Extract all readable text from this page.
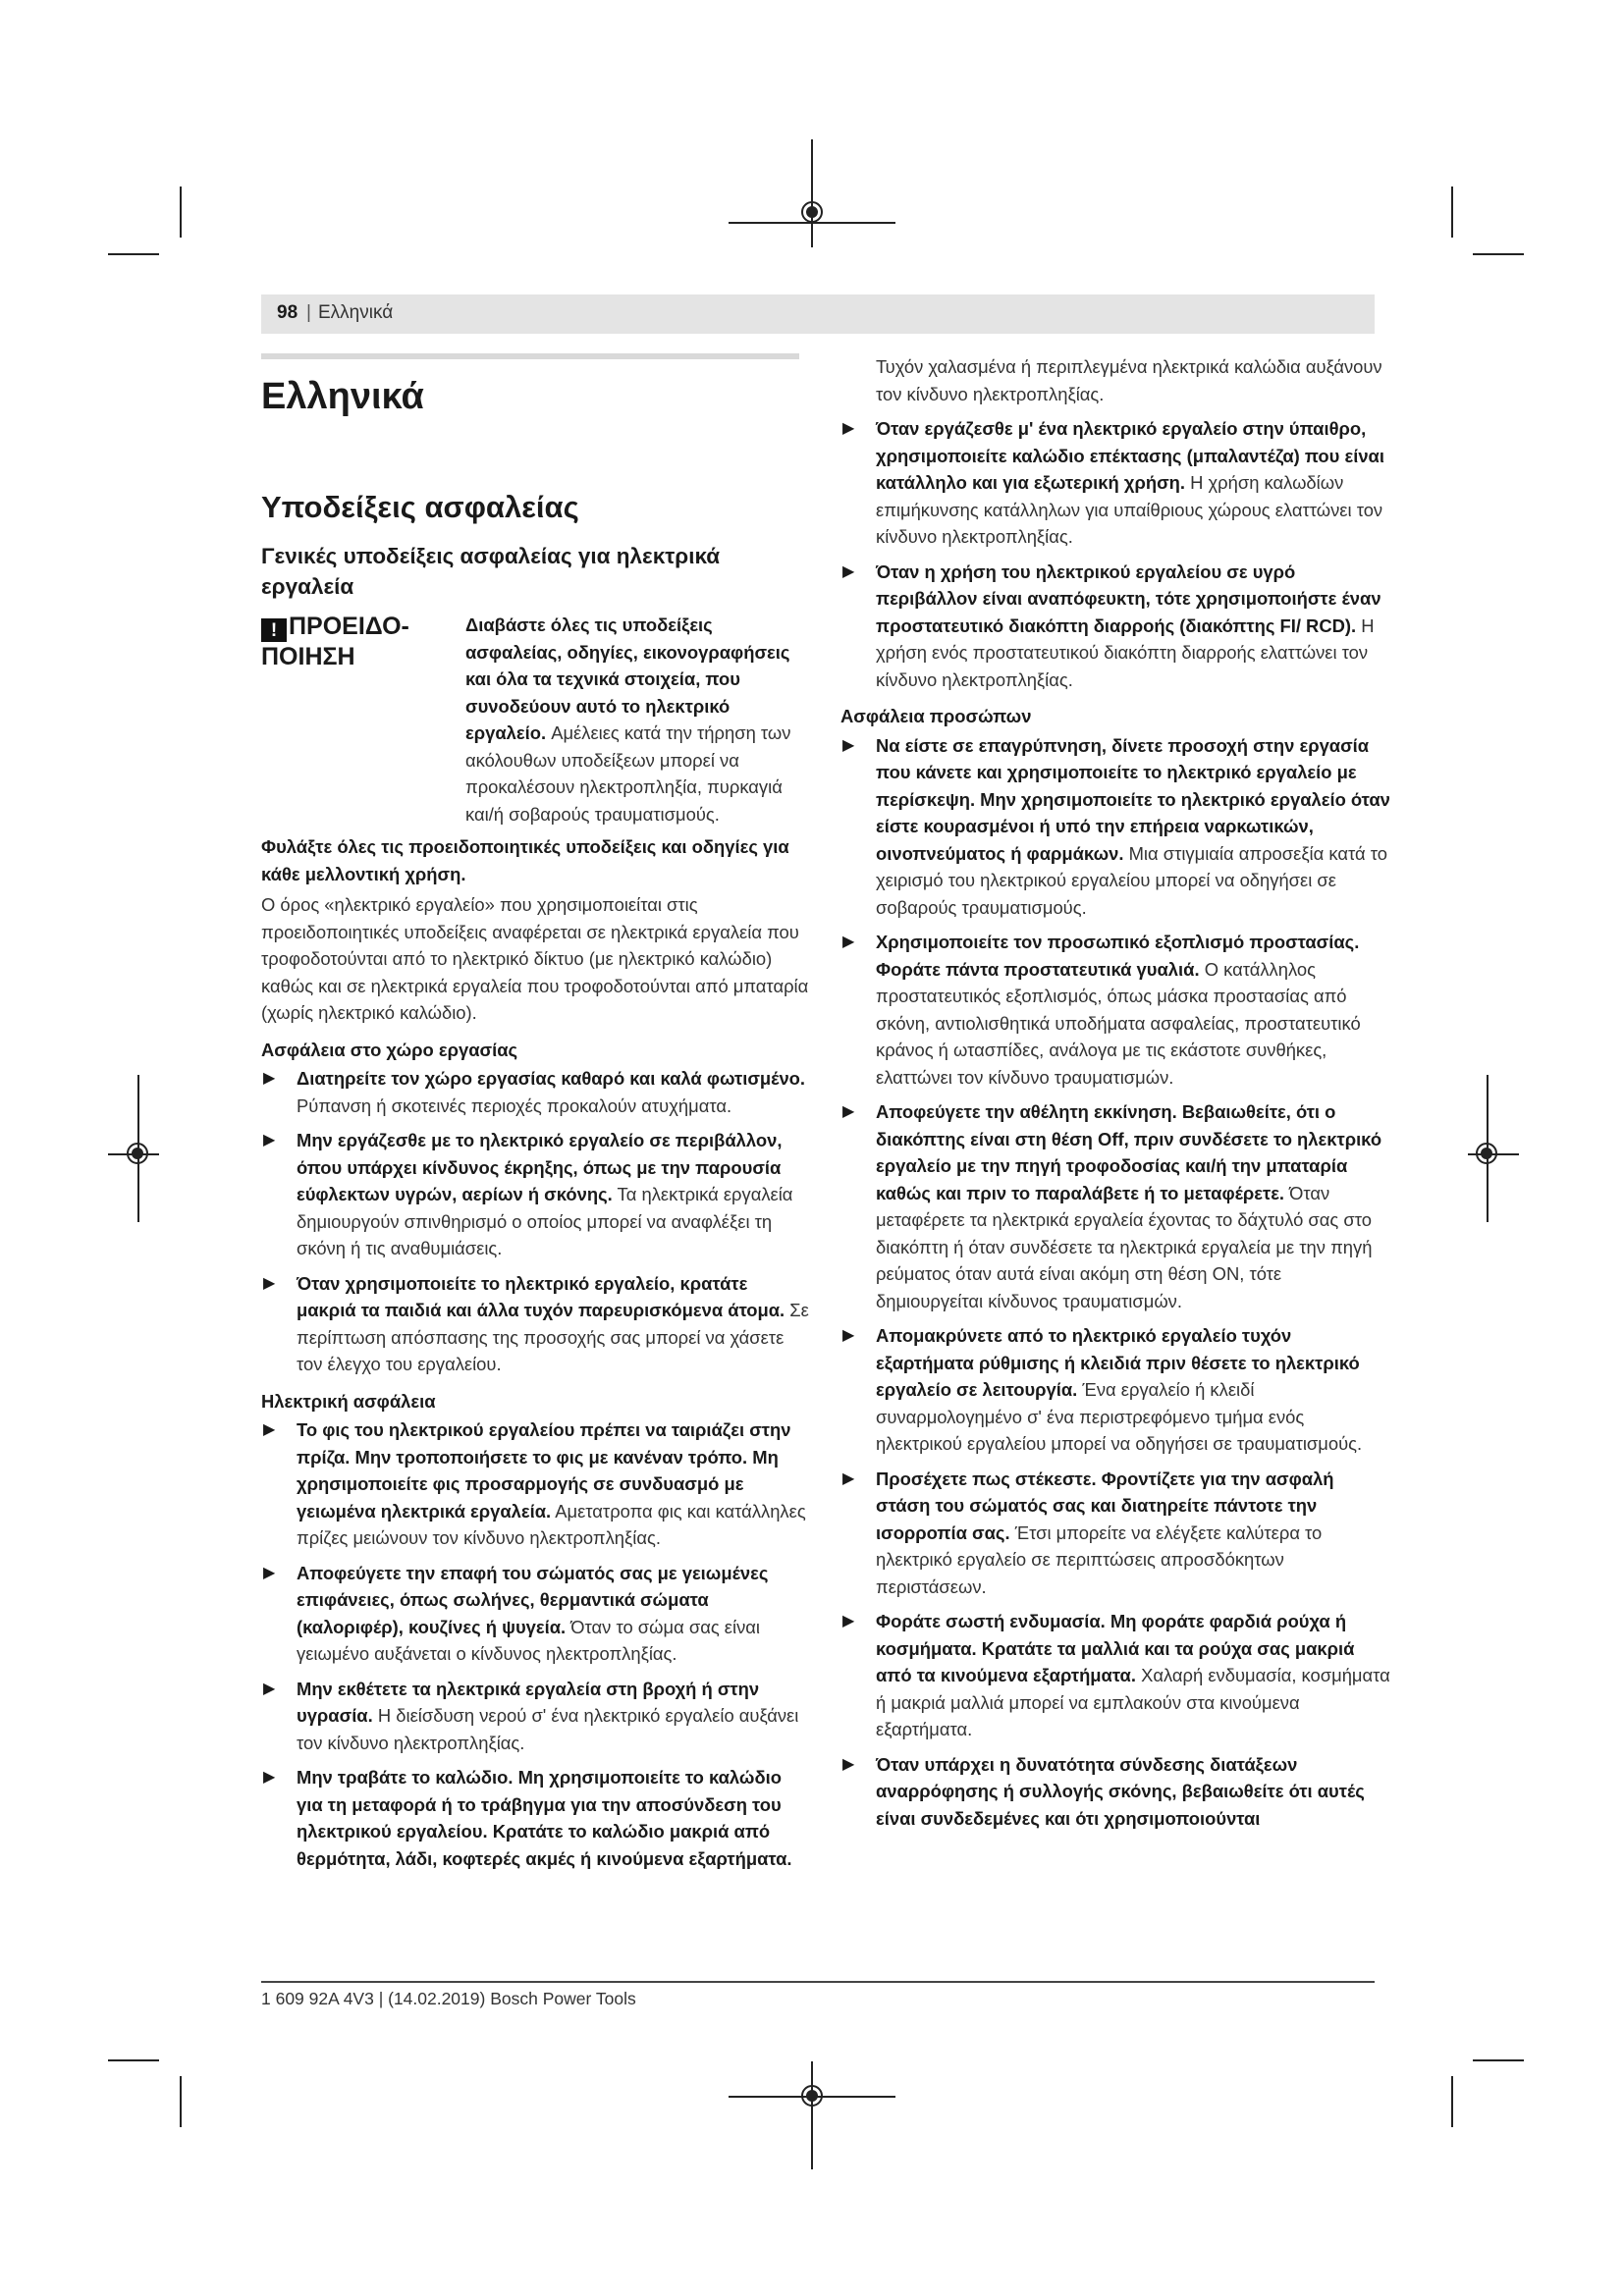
98 | Ελληνικά
Ελληνικά
Υποδείξεις ασφαλείας
Γενικές υποδείξεις ασφαλείας για ηλεκτρικά εργαλεία
! ΠΡΟΕΙΔΟ-
ΠΟΙΗΣΗ

Διαβάστε όλες τις υποδείξεις ασφαλείας, οδηγίες, εικονογραφήσεις και όλα τα τεχνικά στοιχεία, που συνοδεύουν αυτό το ηλεκτρικό εργαλείο. Αμέλειες κατά την τήρηση των ακόλουθων υποδείξεων μπορεί να προκαλέσουν ηλεκτροπληξία, πυρκαγιά και/ή σοβαρούς τραυματισμούς.

Φυλάξτε όλες τις προειδοποιητικές υποδείξεις και οδηγίες για κάθε μελλοντική χρήση.

Ο όρος «ηλεκτρικό εργαλείο» που χρησιμοποιείται στις προειδοποιητικές υποδείξεις αναφέρεται σε ηλεκτρικά εργαλεία που τροφοδοτούνται από το ηλεκτρικό δίκτυο (με ηλεκτρικό καλώδιο) καθώς και σε ηλεκτρικά εργαλεία που τροφοδοτούνται από μπαταρία (χωρίς ηλεκτρικό καλώδιο).

Ασφάλεια στο χώρο εργασίας
▶ Διατηρείτε τον χώρο εργασίας καθαρό και καλά φωτισμένο. Ρύπανση ή σκοτεινές περιοχές προκαλούν ατυχήματα.
▶ Μην εργάζεσθε με το ηλεκτρικό εργαλείο σε περιβάλλον, όπου υπάρχει κίνδυνος έκρηξης, όπως με την παρουσία εύφλεκτων υγρών, αερίων ή σκόνης. Τα ηλεκτρικά εργαλεία δημιουργούν σπινθηρισμό ο οποίος μπορεί να αναφλέξει τη σκόνη ή τις αναθυμιάσεις.
▶ Όταν χρησιμοποιείτε το ηλεκτρικό εργαλείο, κρατάτε μακριά τα παιδιά και άλλα τυχόν παρευρισκόμενα άτομα. Σε περίπτωση απόσπασης της προσοχής σας μπορεί να χάσετε τον έλεγχο του εργαλείου.
Ηλεκτρική ασφάλεια
▶ Το φις του ηλεκτρικού εργαλείου πρέπει να ταιριάζει στην πρίζα. Μην τροποποιήσετε το φις με κανέναν τρόπο. Μη χρησιμοποιείτε φις προσαρμογής σε συνδυασμό με γειωμένα ηλεκτρικά εργαλεία. Αμετατροπα φις και κατάλληλες πρίζες μειώνουν τον κίνδυνο ηλεκτροπληξίας.
▶ Αποφεύγετε την επαφή του σώματός σας με γειωμένες επιφάνειες, όπως σωλήνες, θερμαντικά σώματα (καλοριφέρ), κουζίνες ή ψυγεία. Όταν το σώμα σας είναι γειωμένο αυξάνεται ο κίνδυνος ηλεκτροπληξίας.
▶ Μην εκθέτετε τα ηλεκτρικά εργαλεία στη βροχή ή στην υγρασία. Η διείσδυση νερού σ' ένα ηλεκτρικό εργαλείο αυξάνει τον κίνδυνο ηλεκτροπληξίας.
▶ Μην τραβάτε το καλώδιο. Μη χρησιμοποιείτε το καλώδιο για τη μεταφορά ή το τράβηγμα για την αποσύνδεση του ηλεκτρικού εργαλείου. Κρατάτε το καλώδιο μακριά από θερμότητα, λάδι, κοφτερές ακμές ή κινούμενα εξαρτήματα.

Τυχόν χαλασμένα ή περιπλεγμένα ηλεκτρικά καλώδια αυξάνουν τον κίνδυνο ηλεκτροπληξίας.

▶ Όταν εργάζεσθε μ' ένα ηλεκτρικό εργαλείο στην ύπαιθρο, χρησιμοποιείτε καλώδιο επέκτασης (μπαλαντέζα) που είναι κατάλληλο και για εξωτερική χρήση. Η χρήση καλωδίων επιμήκυνσης κατάλληλων για υπαίθριους χώρους ελαττώνει τον κίνδυνο ηλεκτροπληξίας.
▶ Όταν η χρήση του ηλεκτρικού εργαλείου σε υγρό περιβάλλον είναι αναπόφευκτη, τότε χρησιμοποιήστε έναν προστατευτικό διακόπτη διαρροής (διακόπτης FI/ RCD). Η χρήση ενός προστατευτικού διακόπτη διαρροής ελαττώνει τον κίνδυνο ηλεκτροπληξίας.
Ασφάλεια προσώπων
▶ Να είστε σε επαγρύπνηση, δίνετε προσοχή στην εργασία που κάνετε και χρησιμοποιείτε το ηλεκτρικό εργαλείο με περίσκεψη. Μην χρησιμοποιείτε το ηλεκτρικό εργαλείο όταν είστε κουρασμένοι ή υπό την επήρεια ναρκωτικών, οινοπνεύματος ή φαρμάκων. Μια στιγμιαία απροσεξία κατά το χειρισμό του ηλεκτρικού εργαλείου μπορεί να οδηγήσει σε σοβαρούς τραυματισμούς.
▶ Χρησιμοποιείτε τον προσωπικό εξοπλισμό προστασίας. Φοράτε πάντα προστατευτικά γυαλιά. Ο κατάλληλος προστατευτικός εξοπλισμός, όπως μάσκα προστασίας από σκόνη, αντιολισθητικά υποδήματα ασφαλείας, προστατευτικό κράνος ή ωτασπίδες, ανάλογα με τις εκάστοτε συνθήκες, ελαττώνει τον κίνδυνο τραυματισμών.
▶ Αποφεύγετε την αθέλητη εκκίνηση. Βεβαιωθείτε, ότι ο διακόπτης είναι στη θέση Off, πριν συνδέσετε το ηλεκτρικό εργαλείο με την πηγή τροφοδοσίας και/ή την μπαταρία καθώς και πριν το παραλάβετε ή το μεταφέρετε. Όταν μεταφέρετε τα ηλεκτρικά εργαλεία έχοντας το δάχτυλό σας στο διακόπτη ή όταν συνδέσετε τα ηλεκτρικά εργαλεία με την πηγή ρεύματος όταν αυτά είναι ακόμη στη θέση ON, τότε δημιουργείται κίνδυνος τραυματισμών.
▶ Απομακρύνετε από το ηλεκτρικό εργαλείο τυχόν εξαρτήματα ρύθμισης ή κλειδιά πριν θέσετε το ηλεκτρικό εργαλείο σε λειτουργία. Ένα εργαλείο ή κλειδί συναρμολογημένο σ' ένα περιστρεφόμενο τμήμα ενός ηλεκτρικού εργαλείου μπορεί να οδηγήσει σε τραυματισμούς.
▶ Προσέχετε πως στέκεστε. Φροντίζετε για την ασφαλή στάση του σώματός σας και διατηρείτε πάντοτε την ισορροπία σας. Έτσι μπορείτε να ελέγξετε καλύτερα το ηλεκτρικό εργαλείο σε περιπτώσεις απροσδόκητων περιστάσεων.
▶ Φοράτε σωστή ενδυμασία. Μη φοράτε φαρδιά ρούχα ή κοσμήματα. Κρατάτε τα μαλλιά και τα ρούχα σας μακριά από τα κινούμενα εξαρτήματα. Χαλαρή ενδυμασία, κοσμήματα ή μακριά μαλλιά μπορεί να εμπλακούν στα κινούμενα εξαρτήματα.
▶ Όταν υπάρχει η δυνατότητα σύνδεσης διατάξεων αναρρόφησης ή συλλογής σκόνης, βεβαιωθείτε ότι αυτές είναι συνδεδεμένες και ότι χρησιμοποιούνται
1 609 92A 4V3 | (14.02.2019) Bosch Power Tools
